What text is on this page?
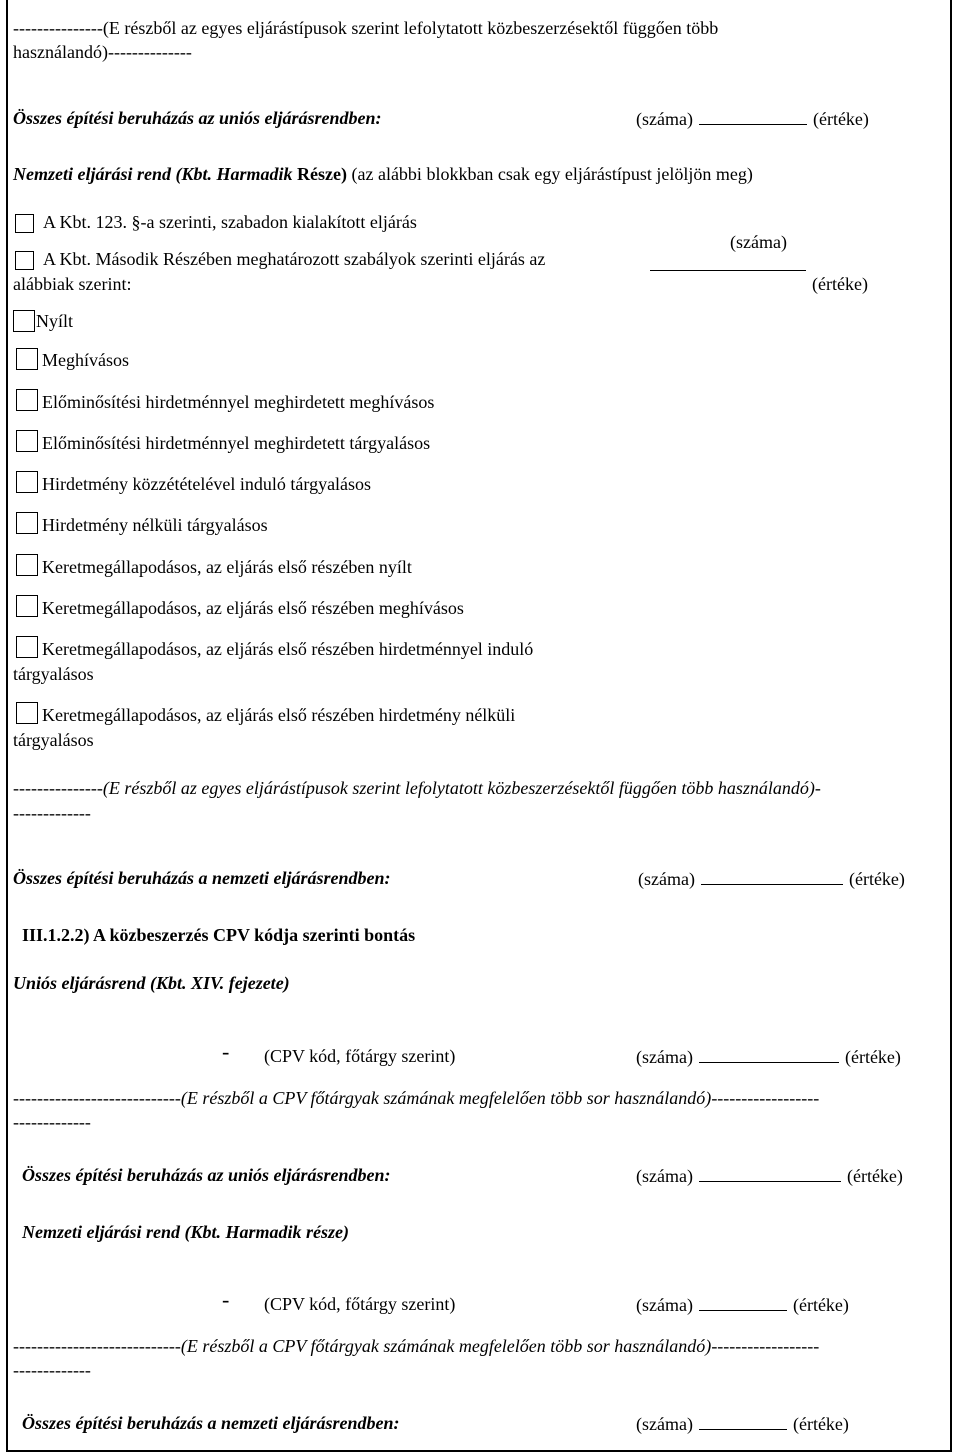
---------------(E részből az egyes eljárástípusok szerint lefolytatott közbeszerzésektől függően több
használandó)--------------
Összes építési beruházás az uniós eljárásrendben:	(száma)	(értéke)
Nemzeti eljárási rend (Kbt. Harmadik Része) (az alábbi blokkban csak egy eljárástípust jelöljön meg)
A Kbt. 123. §-a szerinti, szabadon kialakított eljárás
(száma)
A Kbt. Második Részében meghatározott szabályok szerinti eljárás az
alábbiak szerint:	(értéke)
Nyílt
Meghívásos
Előminősítési hirdetménnyel meghirdetett meghívásos
Előminősítési hirdetménnyel meghirdetett tárgyalásos
Hirdetmény közzétételével induló tárgyalásos
Hirdetmény nélküli tárgyalásos
Keretmegállapodásos, az eljárás első részében nyílt
Keretmegállapodásos, az eljárás első részében meghívásos
Keretmegállapodásos, az eljárás első részében hirdetménnyel induló
tárgyalásos
Keretmegállapodásos, az eljárás első részében hirdetmény nélküli
tárgyalásos
---------------(E részből az egyes eljárástípusok szerint lefolytatott közbeszerzésektől függően több használandó)-
-------------
Összes építési beruházás a nemzeti eljárásrendben:	(száma)	(értéke)
III.1.2.2) A közbeszerzés CPV kódja szerinti bontás
Uniós eljárásrend (Kbt. XIV. fejezete)
- (CPV kód, főtárgy szerint)	(száma)	(értéke)
----------------------------(E részből a CPV főtárgyak számának megfelelően több sor használandó)------------------
-------------
Összes építési beruházás az uniós eljárásrendben:	(száma)	(értéke)
Nemzeti eljárási rend (Kbt. Harmadik része)
- (CPV kód, főtárgy szerint)	(száma)	(értéke)
----------------------------(E részből a CPV főtárgyak számának megfelelően több sor használandó)------------------
-------------
Összes építési beruházás a nemzeti eljárásrendben:	(száma)	(értéke)
